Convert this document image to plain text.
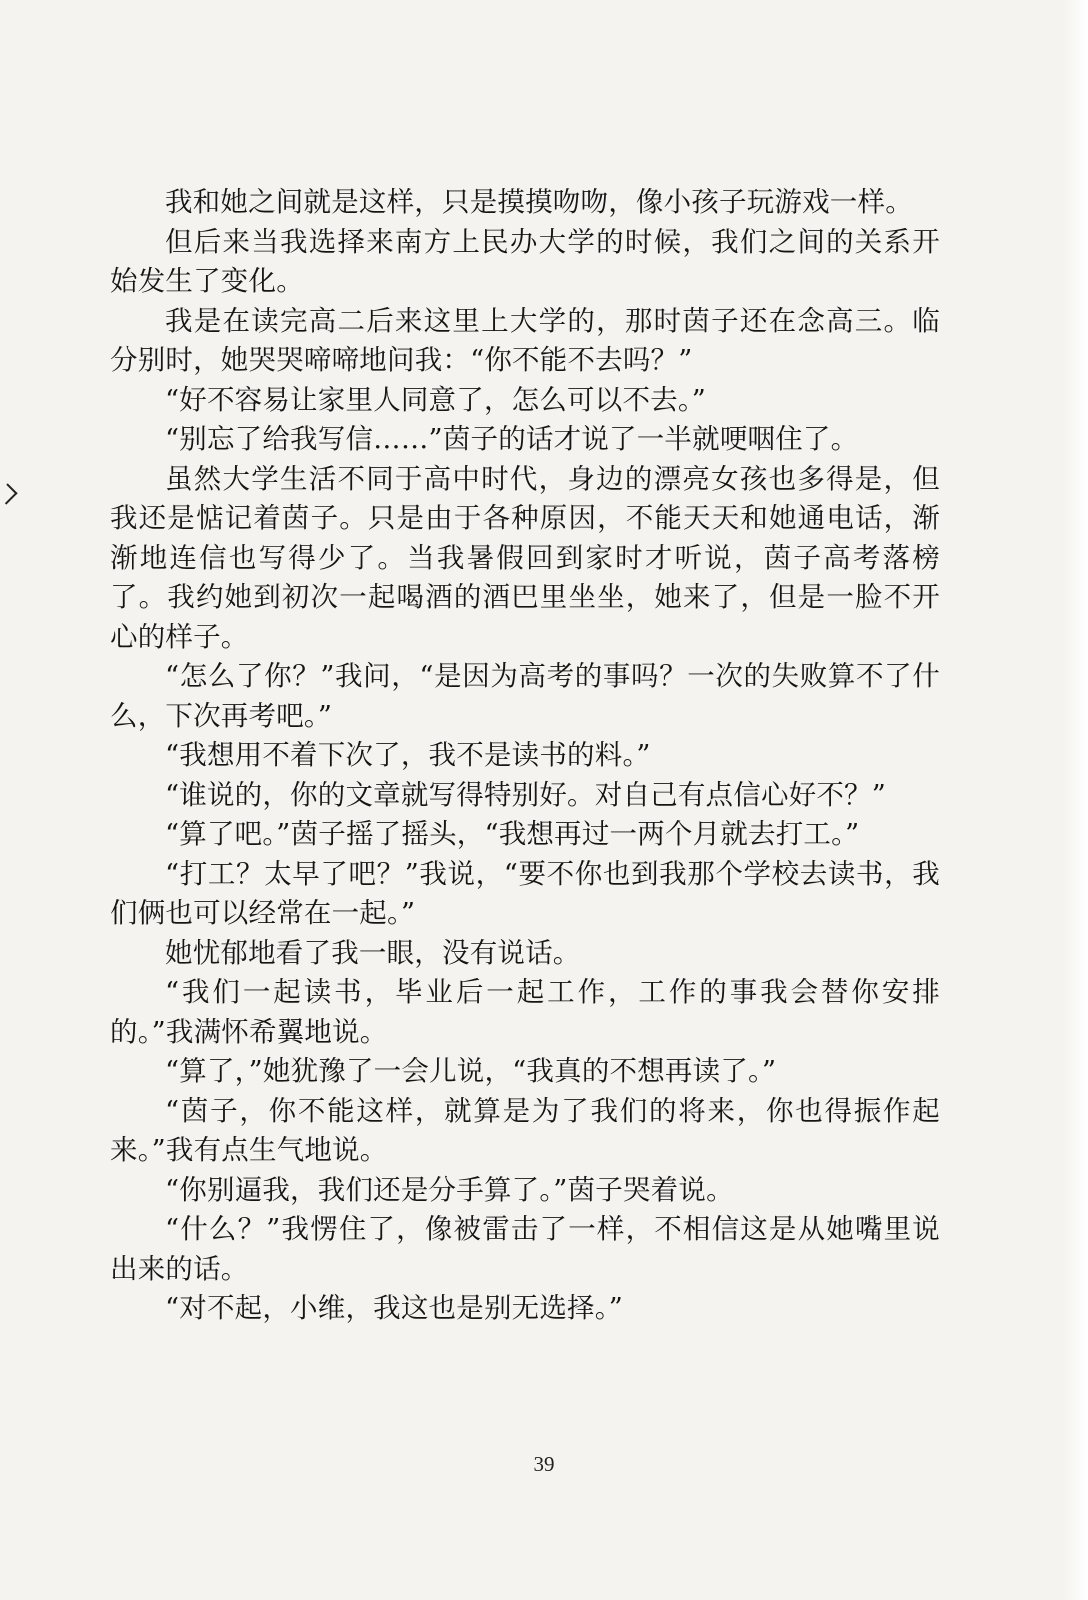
我和她之间就是这样，只是摸摸吻吻，像小孩子玩游戏一样。

但后来当我选择来南方上民办大学的时候，我们之间的关系开始发生了变化。

我是在读完高二后来这里上大学的，那时茵子还在念高三。临分别时，她哭哭啼啼地问我：“你不能不去吗？”

“好不容易让家里人同意了，怎么可以不去。”

“别忘了给我写信……”茵子的话才说了一半就哽咽住了。

虽然大学生活不同于高中时代，身边的漂亮女孩也多得是，但我还是惦记着茵子。只是由于各种原因，不能天天和她通电话，渐渐地连信也写得少了。当我暑假回到家时才听说，茵子高考落榜了。我约她到初次一起喝酒的酒巴里坐坐，她来了，但是一脸不开心的样子。

“怎么了你？”我问，“是因为高考的事吗？一次的失败算不了什么，下次再考吧。”

“我想用不着下次了，我不是读书的料。”

“谁说的，你的文章就写得特别好。对自己有点信心好不？”

“算了吧。”茵子摇了摇头，“我想再过一两个月就去打工。”

“打工？太早了吧？”我说，“要不你也到我那个学校去读书，我们俩也可以经常在一起。”

她忧郁地看了我一眼，没有说话。

“我们一起读书，毕业后一起工作，工作的事我会替你安排的。”我满怀希翼地说。

“算了，”她犹豫了一会儿说，“我真的不想再读了。”

“茵子，你不能这样，就算是为了我们的将来，你也得振作起来。”我有点生气地说。

“你别逼我，我们还是分手算了。”茵子哭着说。

“什么？”我愣住了，像被雷击了一样，不相信这是从她嘴里说出来的话。

“对不起，小维，我这也是别无选择。”

39
